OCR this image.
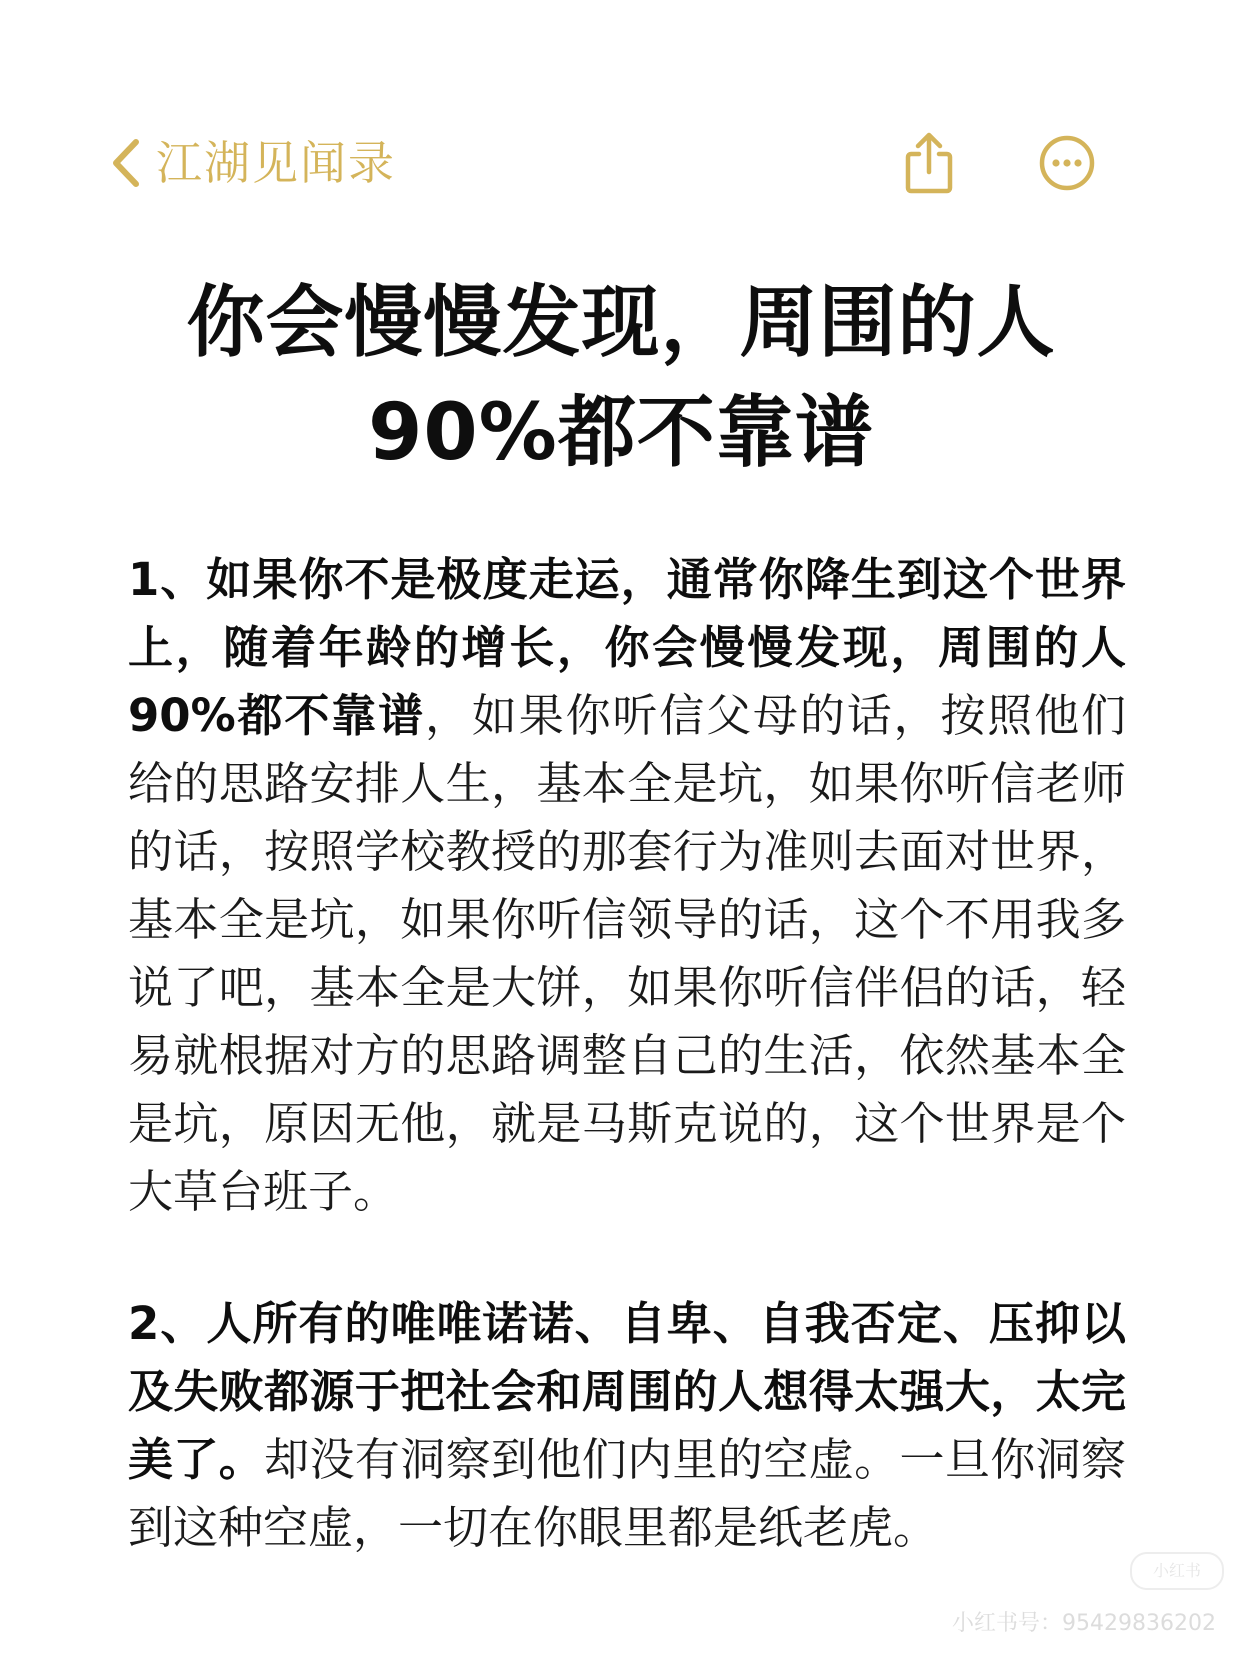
江湖见闻录
你会慢慢发现，周围的人
90%都不靠谱

1、如果你不是极度走运，通常你降生到这个世界上，随着年龄的增长，你会慢慢发现，周围的人90%都不靠谱，如果你听信父母的话，按照他们给的思路安排人生，基本全是坑，如果你听信老师的话，按照学校教授的那套行为准则去面对世界，基本全是坑，如果你听信领导的话，这个不用我多说了吧，基本全是大饼，如果你听信伴侣的话，轻易就根据对方的思路调整自己的生活，依然基本全是坑，原因无他，就是马斯克说的，这个世界是个大草台班子。

2、人所有的唯唯诺诺、自卑、自我否定、压抑以及失败都源于把社会和周围的人想得太强大，太完美了。却没有洞察到他们内里的空虚。一旦你洞察到这种空虚，一切在你眼里都是纸老虎。

小红书
小红书号：95429836202
